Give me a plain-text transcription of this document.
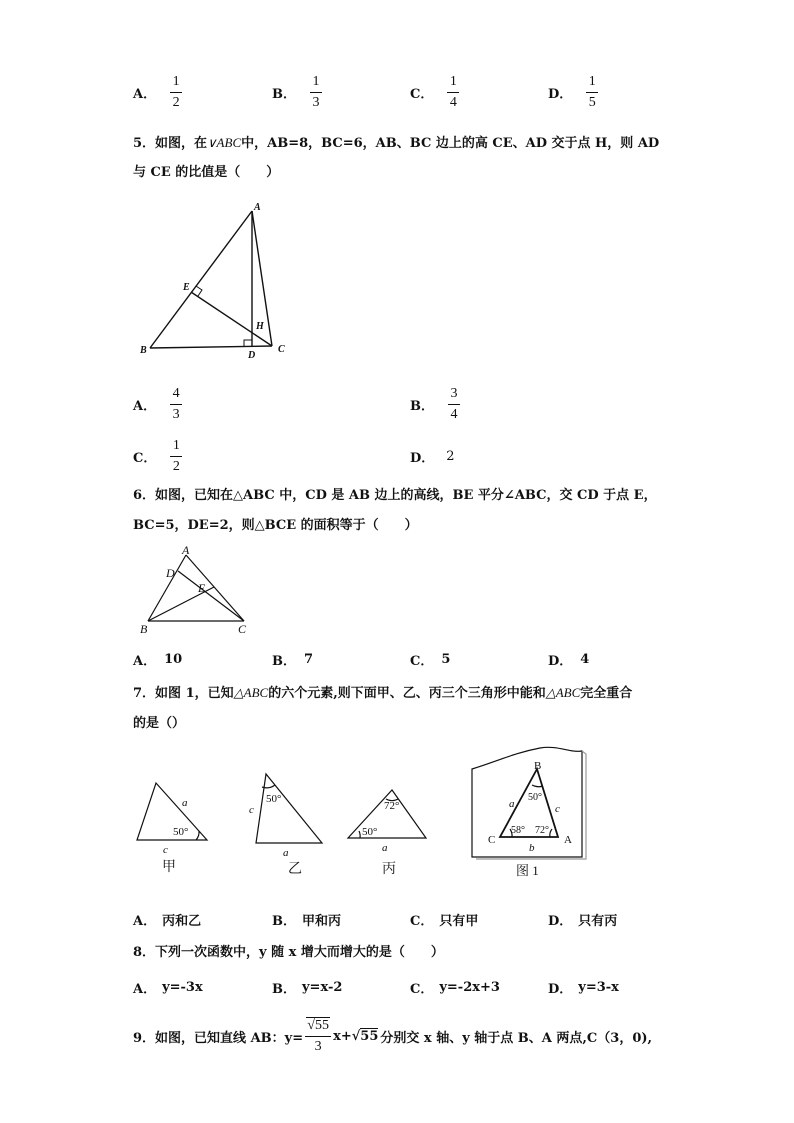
A． $\frac{1}{2}$	B． $\frac{1}{3}$	C． $\frac{1}{4}$	D． $\frac{1}{5}$
5．如图，在∨ABC中，AB=8，BC=6，AB、BC 边上的高 CE、AD 交于点 H，则 AD
与 CE 的比值是（　　）
A
B	C
D
E
H
A． $\frac{4}{3}$	B． $\frac{3}{4}$
C． $\frac{1}{2}$	D． 2
6．如图，已知在△ABC 中，CD 是 AB 边上的高线，BE 平分∠ABC，交 CD 于点 E，
BC=5，DE=2，则△BCE 的面积等于（　　）
A
B	C
D
E
A． 10	B． 7	C． 5	D． 4
7．如图 1，已知△ABC的六个元素,则下面甲、乙、丙三个三角形中能和△ABC完全重合
的是（）
a
50°
c
甲
c
50°
a
乙
72°
50°
a
丙
B
C	A
a	c
b
50°
58° 72°
图 1
A． 丙和乙	B． 甲和丙	C． 只有甲	D． 只有丙
8．下列一次函数中，y 随 x 增大而增大的是（　　）
A． y=-3x	B． y=x-2	C． y=-2x+3	D． y=3-x
9．如图，已知直线 AB：$y= \frac{√55}{3} x+ √55$ 分别交 x 轴、y 轴于点 B、A 两点,C（3，0),
